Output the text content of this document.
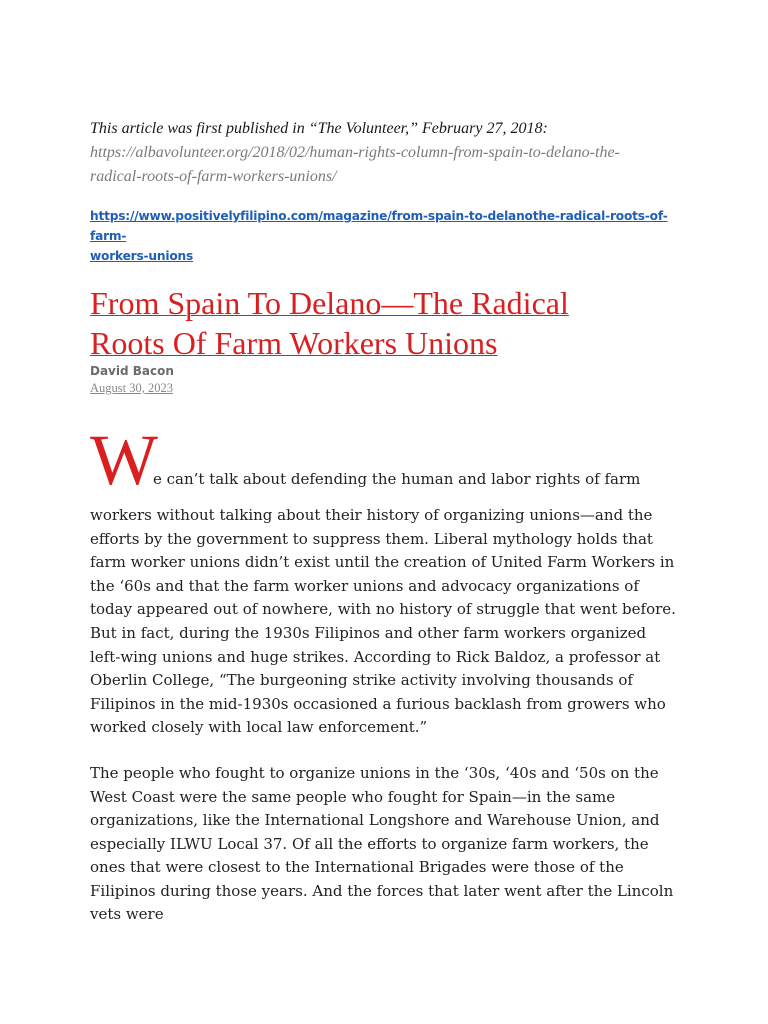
This article was first published in “The Volunteer,” February 27, 2018:
https://albavolunteer.org/2018/02/human-rights-column-from-spain-to-delano-the-
radical-roots-of-farm-workers-unions/
https://www.positivelyfilipino.com/magazine/from-spain-to-delanothe-radical-roots-of-farm-
workers-unions
From Spain To Delano—The Radical
Roots Of Farm Workers Unions
David Bacon
August 30, 2023
W
e can’t talk about defending the human and labor rights of farm

workers without talking about their history of organizing unions—and the efforts by the government to suppress them. Liberal mythology holds that farm worker unions didn’t exist until the creation of United Farm Workers in the ‘60s and that the farm worker unions and advocacy organizations of today appeared out of nowhere, with no history of struggle that went before.

But in fact, during the 1930s Filipinos and other farm workers organized left-wing unions and huge strikes. According to Rick Baldoz, a professor at Oberlin College, “The burgeoning strike activity involving thousands of Filipinos in the mid-1930s occasioned a furious backlash from growers who worked closely with local law enforcement.”

The people who fought to organize unions in the ‘30s, ‘40s and ‘50s on the West Coast were the same people who fought for Spain—in the same organizations, like the International Longshore and Warehouse Union, and especially ILWU Local 37. Of all the efforts to organize farm workers, the ones that were closest to the International Brigades were those of the Filipinos during those years. And the forces that later went after the Lincoln vets were
